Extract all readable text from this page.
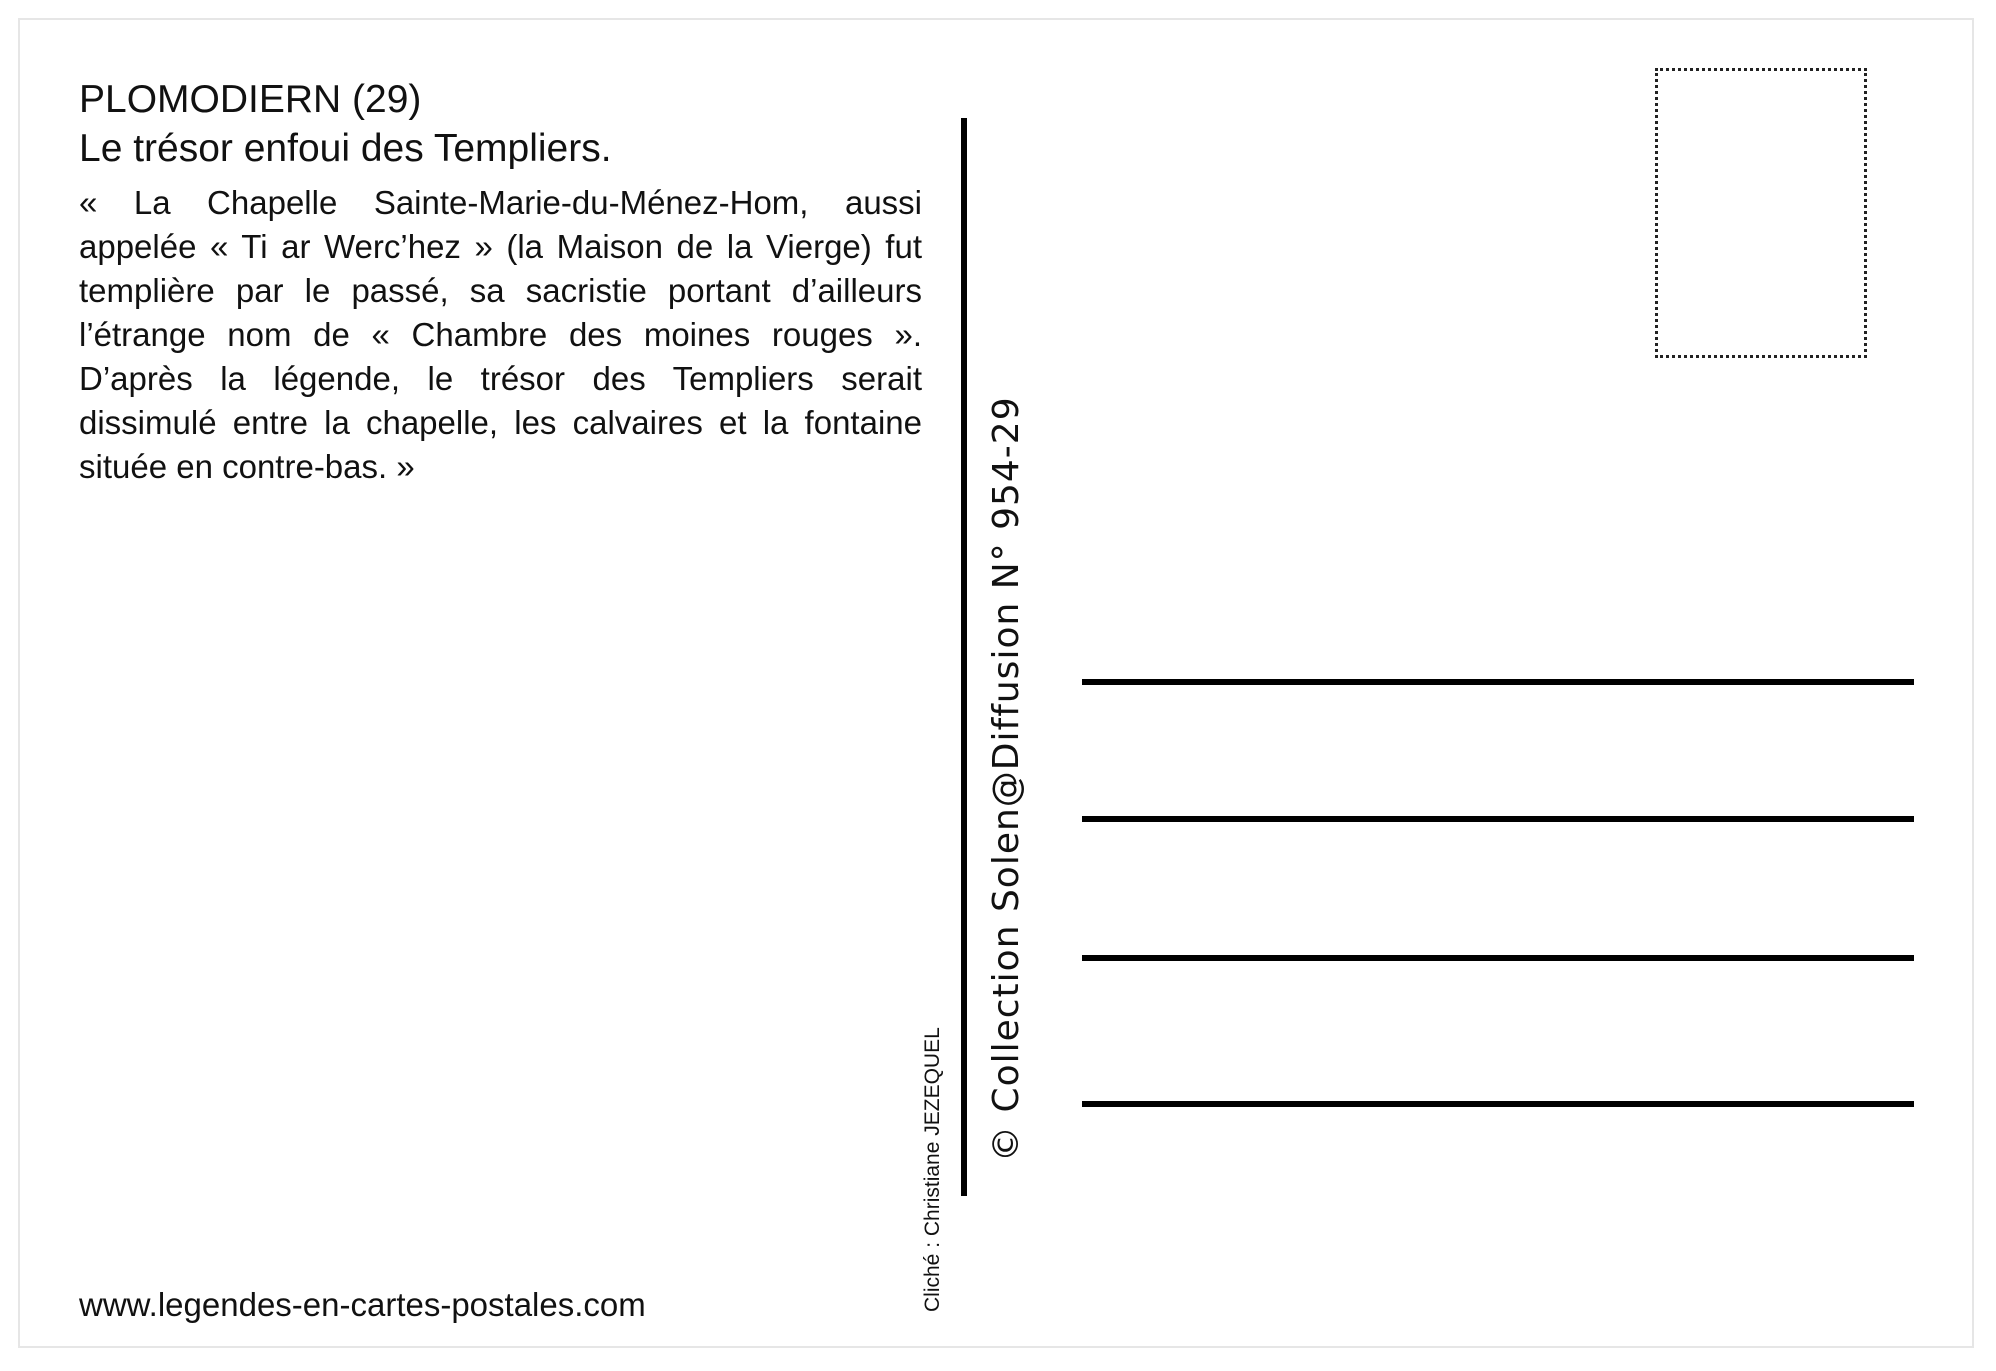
PLOMODIERN (29)
Le trésor enfoui des Templiers.

« La Chapelle Sainte-Marie-du-Ménez-Hom, aussi appelée « Ti ar Werc’hez » (la Maison de la Vierge) fut templière par le passé, sa sacristie portant d’ailleurs l’étrange nom de « Chambre des moines rouges ». D’après la légende, le trésor des Templiers serait dissimulé entre la chapelle, les calvaires et la fontaine située en contre-bas. »

www.legendes-en-cartes-postales.com	Cliché : Christiane JEZEQUEL
© Collection Solen@Diffusion N° 954-29
